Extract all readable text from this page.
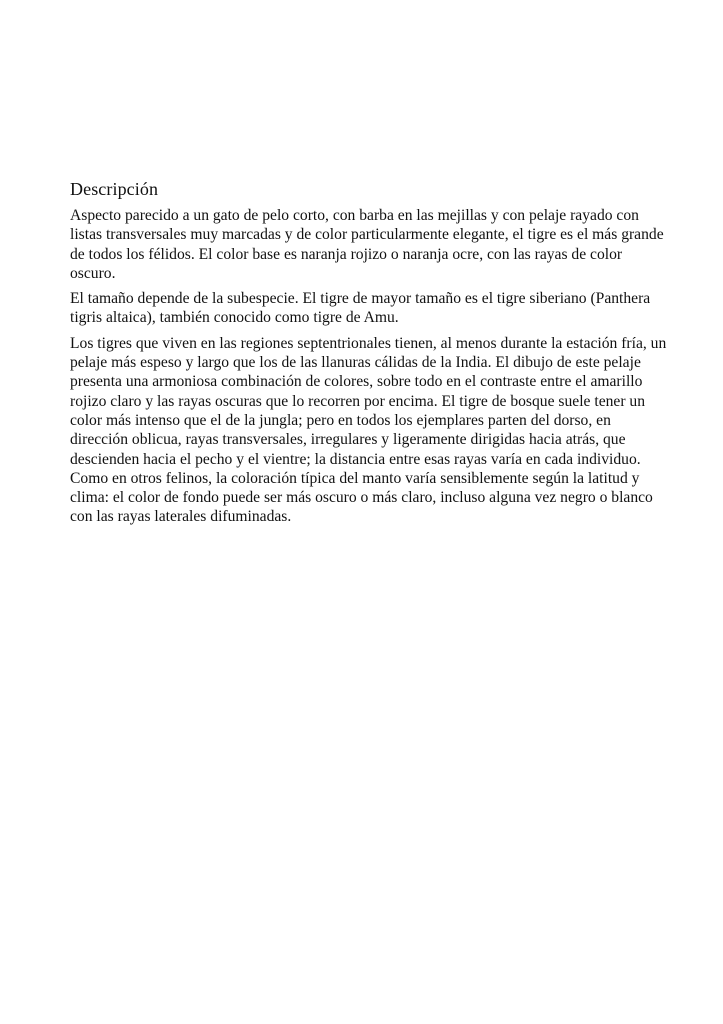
Descripción

Aspecto parecido a un gato de pelo corto, con barba en las mejillas y con pelaje rayado con listas transversales muy marcadas y de color particularmente elegante, el tigre es el más grande de todos los félidos. El color base es naranja rojizo o naranja ocre, con las rayas de color oscuro.

El tamaño depende de la subespecie. El tigre de mayor tamaño es el tigre siberiano (Panthera tigris altaica), también conocido como tigre de Amu.

Los tigres que viven en las regiones septentrionales tienen, al menos durante la estación fría, un pelaje más espeso y largo que los de las llanuras cálidas de la India. El dibujo de este pelaje presenta una armoniosa combinación de colores, sobre todo en el contraste entre el amarillo rojizo claro y las rayas oscuras que lo recorren por encima. El tigre de bosque suele tener un color más intenso que el de la jungla; pero en todos los ejemplares parten del dorso, en dirección oblicua, rayas transversales, irregulares y ligeramente dirigidas hacia atrás, que descienden hacia el pecho y el vientre; la distancia entre esas rayas varía en cada individuo. Como en otros felinos, la coloración típica del manto varía sensiblemente según la latitud y clima: el color de fondo puede ser más oscuro o más claro, incluso alguna vez negro o blanco con las rayas laterales difuminadas.
